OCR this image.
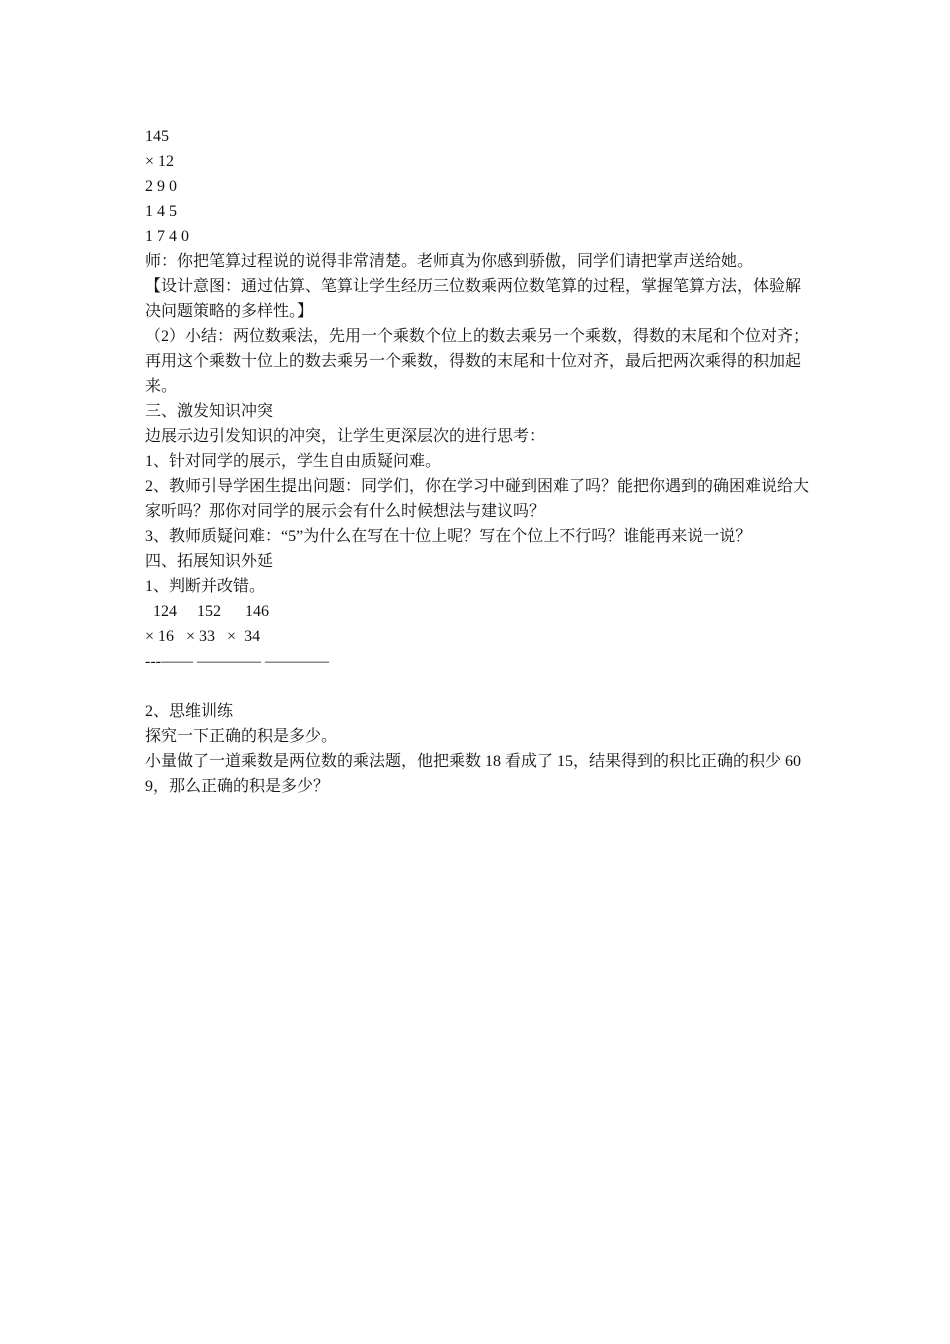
145
× 12
2 9 0
1 4 5
1 7 4 0
师：你把笔算过程说的说得非常清楚。老师真为你感到骄傲，同学们请把掌声送给她。
【设计意图：通过估算、笔算让学生经历三位数乘两位数笔算的过程，掌握笔算方法，体验解决问题策略的多样性。】
（2）小结：两位数乘法，先用一个乘数个位上的数去乘另一个乘数，得数的末尾和个位对齐；再用这个乘数十位上的数去乘另一个乘数，得数的末尾和十位对齐，最后把两次乘得的积加起来。
三、激发知识冲突
边展示边引发知识的冲突，让学生更深层次的进行思考：
1、针对同学的展示，学生自由质疑问难。
2、教师引导学困生提出问题：同学们，你在学习中碰到困难了吗？能把你遇到的确困难说给大家听吗？那你对同学的展示会有什么时候想法与建议吗？
3、教师质疑问难：“5”为什么在写在十位上呢？写在个位上不行吗？谁能再来说一说？
四、拓展知识外延
1、判断并改错。
124     152      146
× 16   × 33   ×  34
---—— ———— ————
2、思维训练
探究一下正确的积是多少。
小量做了一道乘数是两位数的乘法题，他把乘数 18 看成了 15，结果得到的积比正确的积少 609，那么正确的积是多少？
